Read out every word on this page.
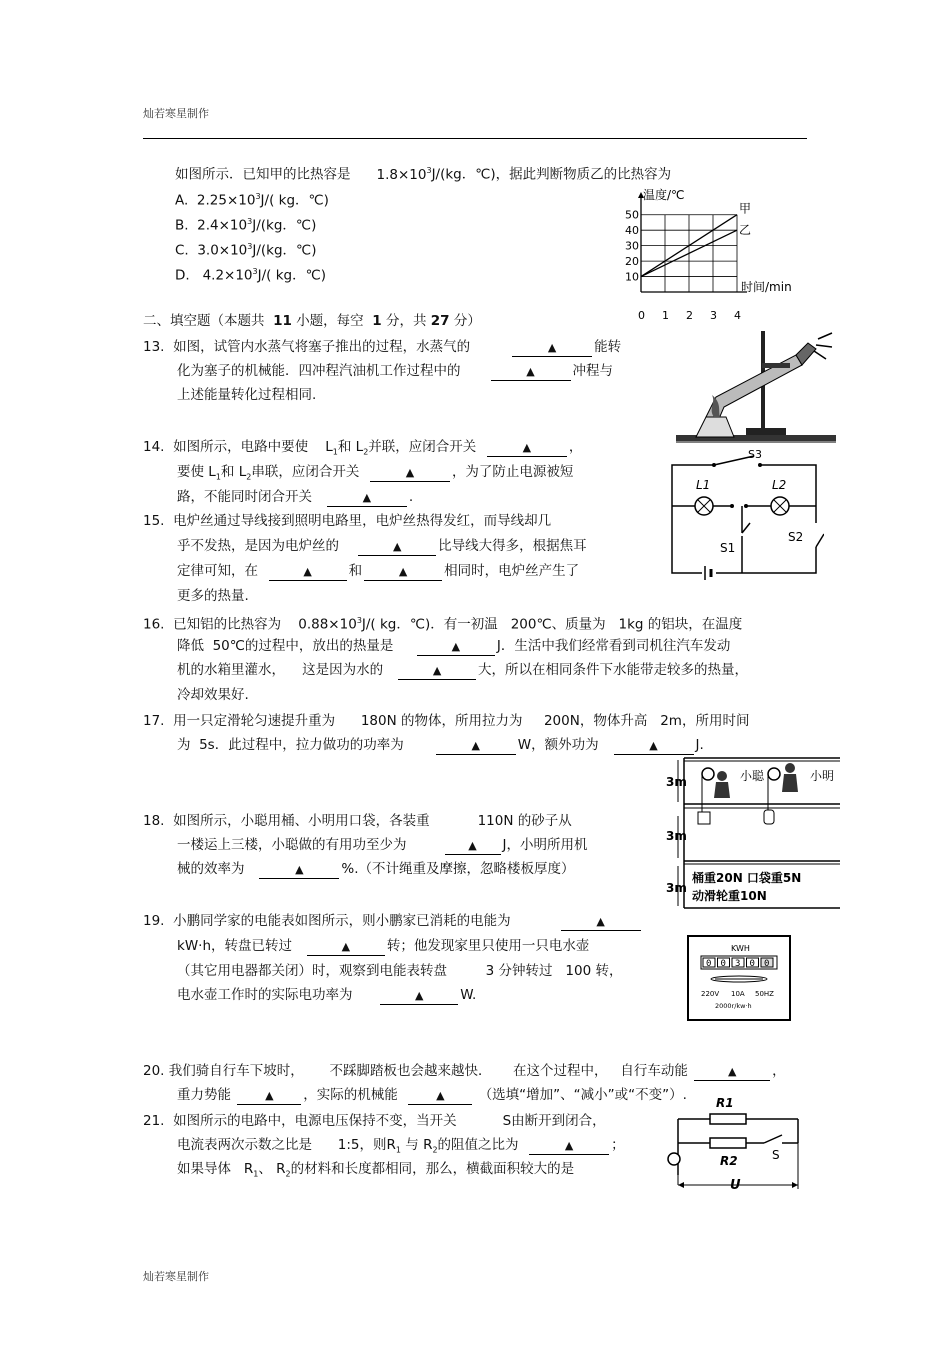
灿若寒星制作
如图所示．已知甲的比热容是 $1.8\times 10^3J/(kg$．℃)，据此判断物质乙的比热容为
A. $2.25\times 10^3J/$( kg．℃)
B. $2.4\times 10^3J/(kg$．℃)
C. $3.0\times 10^3J/(kg$．℃)
D. $4.2\times 10^3J/$( kg．℃)
温度/℃
时间/min
0 1 2 3 4
10
20
30
40
50	甲
乙
二、填空题（本题共 11 小题，每空 1 分，共 27 分）
13. 如图，试管内水蒸气将塞子推出的过程，水蒸气的	▲	能转
化为塞子的机械能．四冲程汽油机工作过程中的	▲	冲程与
上述能量转化过程相同.
14. 如图所示，电路中要使 $L_1$和 $L_2$并联，应闭合开关	▲	，
要使 $L_1$和 $L_2$串联，应闭合开关	▲	，为了防止电源被短
路，不能同时闭合开关	▲	.
S3
L1	L2
S1
S2
15. 电炉丝通过导线接到照明电路里，电炉丝热得发红，而导线却几
乎不发热，是因为电炉丝的	▲	比导线大得多，根据焦耳
定律可知，在	▲	和	▲	相同时，电炉丝产生了
更多的热量.
16. 已知铝的比热容为 $0.88\times 10^3J/$( kg．℃)．有一初温 200℃、质量为 1kg 的铝块，在温度
降低 50℃的过程中，放出的热量是	▲	J．生活中我们经常看到司机往汽车发动
机的水箱里灌水， 这是因为水的	▲	大，所以在相同条件下水能带走较多的热量，
冷却效果好.
17. 用一只定滑轮匀速提升重为 180N 的物体，所用拉力为 200N，物体升高 2m，所用时间
为 5s．此过程中，拉力做功的功率为	▲	W，额外功为	▲	J.
18. 如图所示，小聪用桶、小明用口袋，各装重	110N 的砂子从
一楼运上三楼，小聪做的有用功至少为	▲ J，小明所用机
械的效率为	▲	%.（不计绳重及摩擦，忽略楼板厚度）
3m
3m
3m
小聪	小明
桶重20N 口袋重5N
动滑轮重10N
19. 小鹏同学家的电能表如图所示，则小鹏家已消耗的电能为	▲
kW·h，转盘已转过	▲	转；他发现家里只使用一只电水壶
（其它用电器都关闭）时，观察到电能表转盘	3 分钟转过 100 转，
电水壶工作时的实际电功率为	▲	W.
KWH
0 0 3 0 0
220V 10A 50HZ
2000r/kw·h
20. 我们骑自行车下坡时， 不踩脚踏板也会越来越快． 在这个过程中， 自行车动能	▲	，
重力势能	▲ ，实际的机械能	▲	（选填“增加”、“减小”或“不变”）.
21. 如图所示的电路中，电源电压保持不变，当开关	S由断开到闭合，
电流表两次示数之比是 1:5，则$R_1$ 与 $R_2$的阻值之比为	▲	；
如果导体 $R_1$、 $R_2$的材料和长度都相同，那么，横截面积较大的是
R1
R2	S
U
灿若寒星制作
